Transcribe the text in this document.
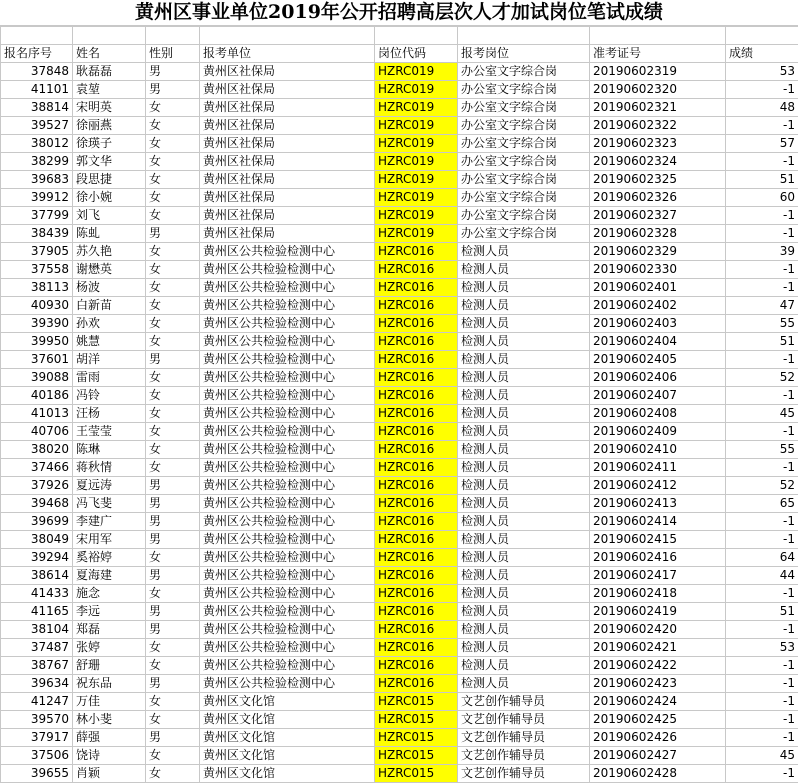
黄州区事业单位2019年公开招聘高层次人才加试岗位笔试成绩

报名序号	姓名	性别	报考单位	岗位代码	报考岗位	准考证号	成绩
37848	耿磊磊	男	黄州区社保局	HZRC019	办公室文字综合岗	20190602319	53
41101	袁堃	男	黄州区社保局	HZRC019	办公室文字综合岗	20190602320	-1
38814	宋明英	女	黄州区社保局	HZRC019	办公室文字综合岗	20190602321	48
39527	徐丽燕	女	黄州区社保局	HZRC019	办公室文字综合岗	20190602322	-1
38012	徐瑛子	女	黄州区社保局	HZRC019	办公室文字综合岗	20190602323	57
38299	郭文华	女	黄州区社保局	HZRC019	办公室文字综合岗	20190602324	-1
39683	段思捷	女	黄州区社保局	HZRC019	办公室文字综合岗	20190602325	51
39912	徐小婉	女	黄州区社保局	HZRC019	办公室文字综合岗	20190602326	60
37799	刘飞	女	黄州区社保局	HZRC019	办公室文字综合岗	20190602327	-1
38439	陈虬	男	黄州区社保局	HZRC019	办公室文字综合岗	20190602328	-1
37905	苏久艳	女	黄州区公共检验检测中心	HZRC016	检测人员	20190602329	39
37558	谢懋英	女	黄州区公共检验检测中心	HZRC016	检测人员	20190602330	-1
38113	杨波	女	黄州区公共检验检测中心	HZRC016	检测人员	20190602401	-1
40930	白新苗	女	黄州区公共检验检测中心	HZRC016	检测人员	20190602402	47
39390	孙欢	女	黄州区公共检验检测中心	HZRC016	检测人员	20190602403	55
39950	姚慧	女	黄州区公共检验检测中心	HZRC016	检测人员	20190602404	51
37601	胡洋	男	黄州区公共检验检测中心	HZRC016	检测人员	20190602405	-1
39088	雷雨	女	黄州区公共检验检测中心	HZRC016	检测人员	20190602406	52
40186	冯铃	女	黄州区公共检验检测中心	HZRC016	检测人员	20190602407	-1
41013	汪杨	女	黄州区公共检验检测中心	HZRC016	检测人员	20190602408	45
40706	王莹莹	女	黄州区公共检验检测中心	HZRC016	检测人员	20190602409	-1
38020	陈琳	女	黄州区公共检验检测中心	HZRC016	检测人员	20190602410	55
37466	蒋秋情	女	黄州区公共检验检测中心	HZRC016	检测人员	20190602411	-1
37926	夏远涛	男	黄州区公共检验检测中心	HZRC016	检测人员	20190602412	52
39468	冯飞斐	男	黄州区公共检验检测中心	HZRC016	检测人员	20190602413	65
39699	李建广	男	黄州区公共检验检测中心	HZRC016	检测人员	20190602414	-1
38049	宋用军	男	黄州区公共检验检测中心	HZRC016	检测人员	20190602415	-1
39294	奚裕婷	女	黄州区公共检验检测中心	HZRC016	检测人员	20190602416	64
38614	夏海建	男	黄州区公共检验检测中心	HZRC016	检测人员	20190602417	44
41433	施念	女	黄州区公共检验检测中心	HZRC016	检测人员	20190602418	-1
41165	李远	男	黄州区公共检验检测中心	HZRC016	检测人员	20190602419	51
38104	郑磊	男	黄州区公共检验检测中心	HZRC016	检测人员	20190602420	-1
37487	张婷	女	黄州区公共检验检测中心	HZRC016	检测人员	20190602421	53
38767	舒珊	女	黄州区公共检验检测中心	HZRC016	检测人员	20190602422	-1
39634	祝东品	男	黄州区公共检验检测中心	HZRC016	检测人员	20190602423	-1
41247	万佳	女	黄州区文化馆	HZRC015	文艺创作辅导员	20190602424	-1
39570	林小斐	女	黄州区文化馆	HZRC015	文艺创作辅导员	20190602425	-1
37917	薛强	男	黄州区文化馆	HZRC015	文艺创作辅导员	20190602426	-1
37506	饶诗	女	黄州区文化馆	HZRC015	文艺创作辅导员	20190602427	45
39655	肖颖	女	黄州区文化馆	HZRC015	文艺创作辅导员	20190602428	-1
